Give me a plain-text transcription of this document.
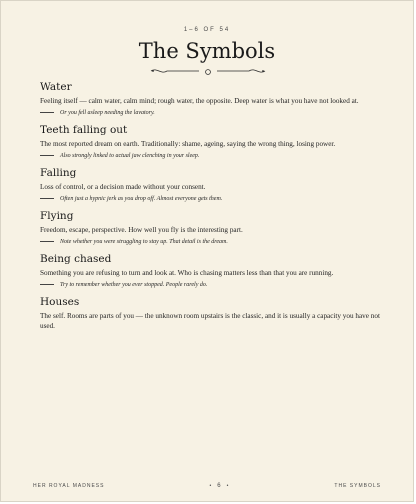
1–6 OF 54
The Symbols
Water

Feeling itself — calm water, calm mind; rough water, the opposite. Deep water is what you have not looked at.

Or you fell asleep needing the lavatory.
Teeth falling out

The most reported dream on earth. Traditionally: shame, ageing, saying the wrong thing, losing power.

Also strongly linked to actual jaw clenching in your sleep.
Falling

Loss of control, or a decision made without your consent.

Often just a hypnic jerk as you drop off. Almost everyone gets them.
Flying

Freedom, escape, perspective. How well you fly is the interesting part.

Note whether you were struggling to stay up. That detail is the dream.
Being chased

Something you are refusing to turn and look at. Who is chasing matters less than that you are running.

Try to remember whether you ever stopped. People rarely do.
Houses

The self. Rooms are parts of you — the unknown room upstairs is the classic, and it is usually a capacity you have not used.

HER ROYAL MADNESS	• 6 •	THE SYMBOLS
